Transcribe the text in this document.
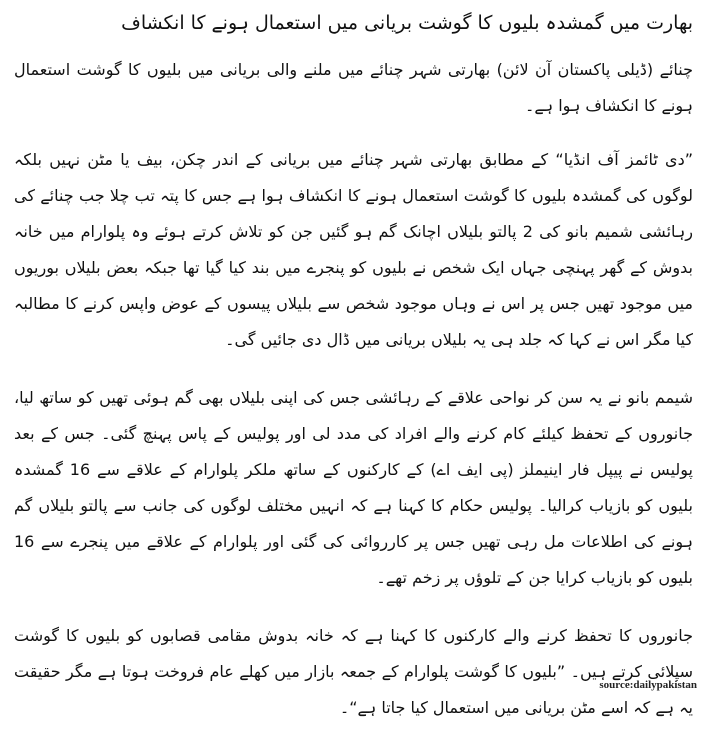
بھارت میں گمشدہ بلیوں کا گوشت بریانی میں استعمال ہونے کا انکشاف

چنائے (ڈیلی پاکستان آن لائن) بھارتی شہر چنائے میں ملنے والی بریانی میں بلیوں کا گوشت استعمال ہونے کا انکشاف ہوا ہے۔

”دی ٹائمز آف انڈیا“ کے مطابق بھارتی شہر چنائے میں بریانی کے اندر چکن، بیف یا مٹن نہیں بلکہ لوگوں کی گمشدہ بلیوں کا گوشت استعمال ہونے کا انکشاف ہوا ہے جس کا پتہ تب چلا جب چنائے کی رہائشی شمیم بانو کی 2 پالتو بلیلاں اچانک گم ہو گئیں جن کو تلاش کرتے ہوئے وہ پلوارام میں خانہ بدوش کے گھر پہنچی جہاں ایک شخص نے بلیوں کو پنجرے میں بند کیا گیا تھا جبکہ بعض بلیلاں بوریوں میں موجود تھیں جس پر اس نے وہاں موجود شخص سے بلیلاں پیسوں کے عوض واپس کرنے کا مطالبہ کیا مگر اس نے کہا کہ جلد ہی یہ بلیلاں بریانی میں ڈال دی جائیں گی۔

شیمم بانو نے یہ سن کر نواحی علاقے کے رہائشی جس کی اپنی بلیلاں بھی گم ہوئی تھیں کو ساتھ لیا، جانوروں کے تحفظ کیلئے کام کرنے والے افراد کی مدد لی اور پولیس کے پاس پہنچ گئی۔ جس کے بعد پولیس نے پیپل فار اینیملز (پی ایف اے) کے کارکنوں کے ساتھ ملکر پلوارام کے علاقے سے 16 گمشدہ بلیوں کو بازیاب کرالیا۔ پولیس حکام کا کہنا ہے کہ انہیں مختلف لوگوں کی جانب سے پالتو بلیلاں گم ہونے کی اطلاعات مل رہی تھیں جس پر کارروائی کی گئی اور پلوارام کے علاقے میں پنجرے سے 16 بلیوں کو بازیاب کرایا جن کے تلوؤں پر زخم تھے۔

جانوروں کا تحفظ کرنے والے کارکنوں کا کہنا ہے کہ خانہ بدوش مقامی قصابوں کو بلیوں کا گوشت سپلائی کرتے ہیں۔ ”بلیوں کا گوشت پلوارام کے جمعہ بازار میں کھلے عام فروخت ہوتا ہے مگر حقیقت یہ ہے کہ اسے مٹن بریانی میں استعمال کیا جاتا ہے“۔

source:dailypakistan
